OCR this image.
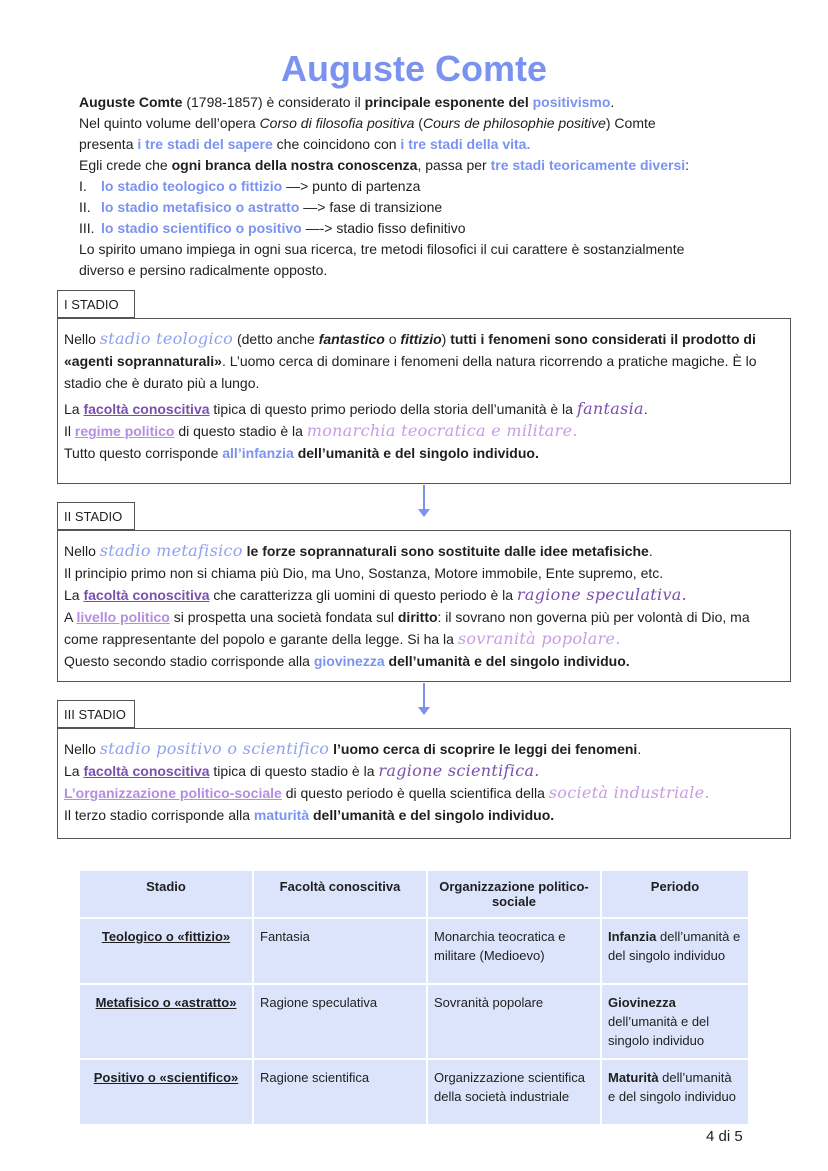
Auguste Comte

Auguste Comte (1798-1857) è considerato il principale esponente del positivismo.

Nel quinto volume dell’opera Corso di filosofia positiva (Cours de philosophie positive) Comte

presenta i tre stadi del sapere che coincidono con i tre stadi della vita.

Egli crede che ogni branca della nostra conoscenza, passa per tre stadi teoricamente diversi:

I.	lo stadio teologico o fittizio —> punto di partenza
II. lo stadio metafisico o astratto —> fase di transizione
III. lo stadio scientifico o positivo —-> stadio fisso definitivo

Lo spirito umano impiega in ogni sua ricerca, tre metodi filosofici il cui carattere è sostanzialmente

diverso e persino radicalmente opposto.

I STADIO

Nello stadio teologico (detto anche fantastico o fittizio) tutti i fenomeni sono considerati il prodotto di «agenti soprannaturali». L’uomo cerca di dominare i fenomeni della natura ricorrendo a pratiche magiche. È lo stadio che è durato più a lungo.

La facoltà conoscitiva tipica di questo primo periodo della storia dell’umanità è la fantasia.

Il regime politico di questo stadio è la monarchia teocratica e militare.

Tutto questo corrisponde all’infanzia dell’umanità e del singolo individuo.

II STADIO

Nello stadio metafisico le forze soprannaturali sono sostituite dalle idee metafisiche.

Il principio primo non si chiama più Dio, ma Uno, Sostanza, Motore immobile, Ente supremo, etc.

La facoltà conoscitiva che caratterizza gli uomini di questo periodo è la ragione speculativa.

A livello politico si prospetta una società fondata sul diritto: il sovrano non governa più per volontà di Dio, ma come rappresentante del popolo e garante della legge. Si ha la sovranità popolare.

Questo secondo stadio corrisponde alla giovinezza dell’umanità e del singolo individuo.

III STADIO

Nello stadio positivo o scientifico l’uomo cerca di scoprire le leggi dei fenomeni.

La facoltà conoscitiva tipica di questo stadio è la ragione scientifica.

L’organizzazione politico-sociale di questo periodo è quella scientifica della società industriale.

Il terzo stadio corrisponde alla maturità dell’umanità e del singolo individuo.

Stadio	Facoltà conoscitiva	Organizzazione politico-sociale	Periodo
Teologico o «fittizio»	Fantasia	Monarchia teocratica e militare (Medioevo)	Infanzia dell’umanità e del singolo individuo
Metafisico o «astratto»	Ragione speculativa	Sovranità popolare	Giovinezza dell’umanità e del singolo individuo
Positivo o «scientifico»	Ragione scientifica	Organizzazione scientifica della società industriale	Maturità dell’umanità e del singolo individuo
4 di 5
